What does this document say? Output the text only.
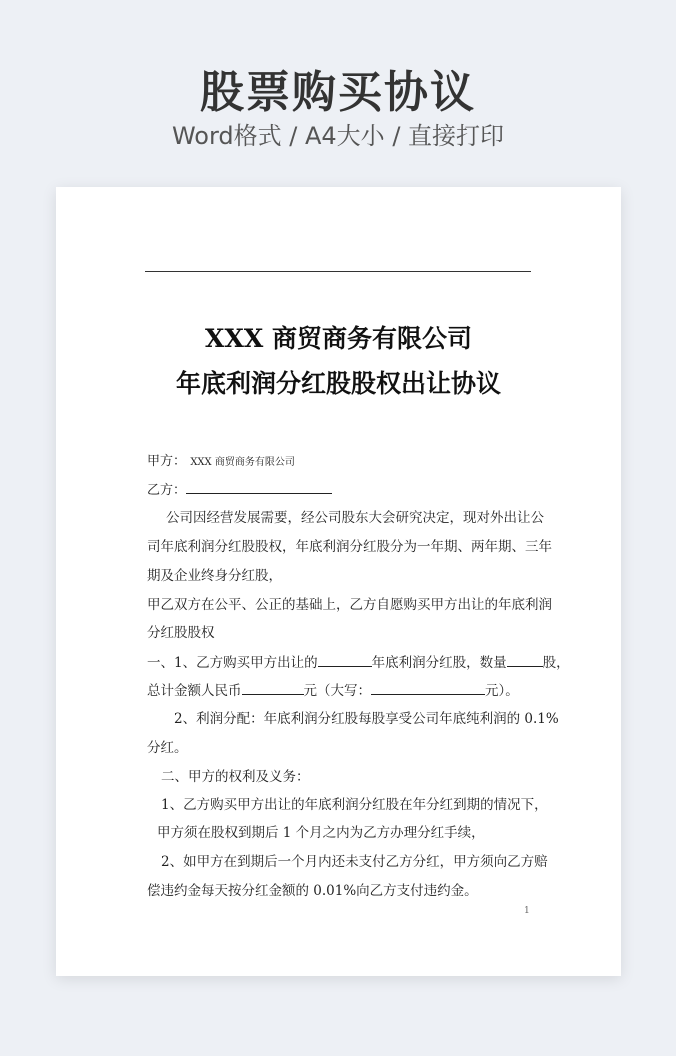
股票购买协议
Word格式 / A4大小 / 直接打印
XXX 商贸商务有限公司
年底利润分红股股权出让协议
甲方： XXX 商贸商务有限公司
乙方：
公司因经营发展需要，经公司股东大会研究决定，现对外出让公
司年底利润分红股股权，年底利润分红股分为一年期、两年期、三年
期及企业终身分红股，
甲乙双方在公平、公正的基础上，乙方自愿购买甲方出让的年底利润
分红股股权
一、1、乙方购买甲方出让的	年底利润分红股，数量	股，
总计金额人民币	元（大写：	元）。
2、利润分配：年底利润分红股每股享受公司年底纯利润的 0.1%
分红。
二、甲方的权利及义务：
1、乙方购买甲方出让的年底利润分红股在年分红到期的情况下，
甲方须在股权到期后 1 个月之内为乙方办理分红手续，
2、如甲方在到期后一个月内还未支付乙方分红，甲方须向乙方赔
偿违约金每天按分红金额的 0.01%向乙方支付违约金。
1
